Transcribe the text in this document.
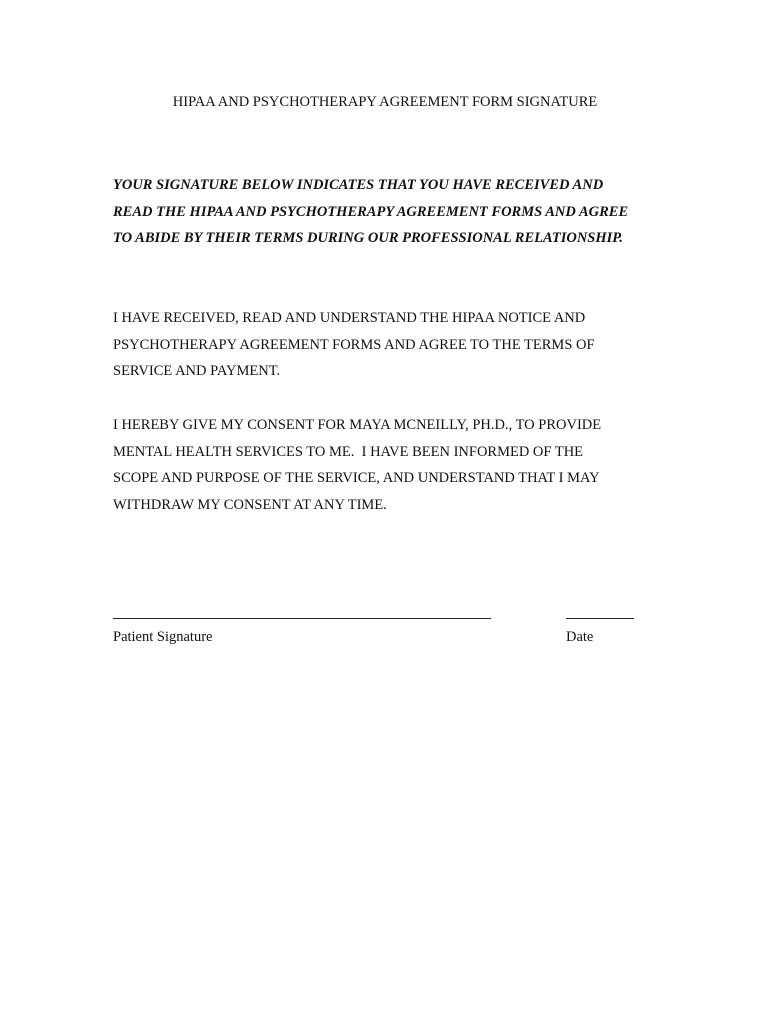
HIPAA AND PSYCHOTHERAPY AGREEMENT FORM SIGNATURE
YOUR SIGNATURE BELOW INDICATES THAT YOU HAVE RECEIVED AND
READ THE HIPAA AND PSYCHOTHERAPY AGREEMENT FORMS AND AGREE
TO ABIDE BY THEIR TERMS DURING OUR PROFESSIONAL RELATIONSHIP.
I HAVE RECEIVED, READ AND UNDERSTAND THE HIPAA NOTICE AND
PSYCHOTHERAPY AGREEMENT FORMS AND AGREE TO THE TERMS OF
SERVICE AND PAYMENT.
I HEREBY GIVE MY CONSENT FOR MAYA MCNEILLY, PH.D., TO PROVIDE
MENTAL HEALTH SERVICES TO ME.  I HAVE BEEN INFORMED OF THE
SCOPE AND PURPOSE OF THE SERVICE, AND UNDERSTAND THAT I MAY
WITHDRAW MY CONSENT AT ANY TIME.
Patient Signature	Date
